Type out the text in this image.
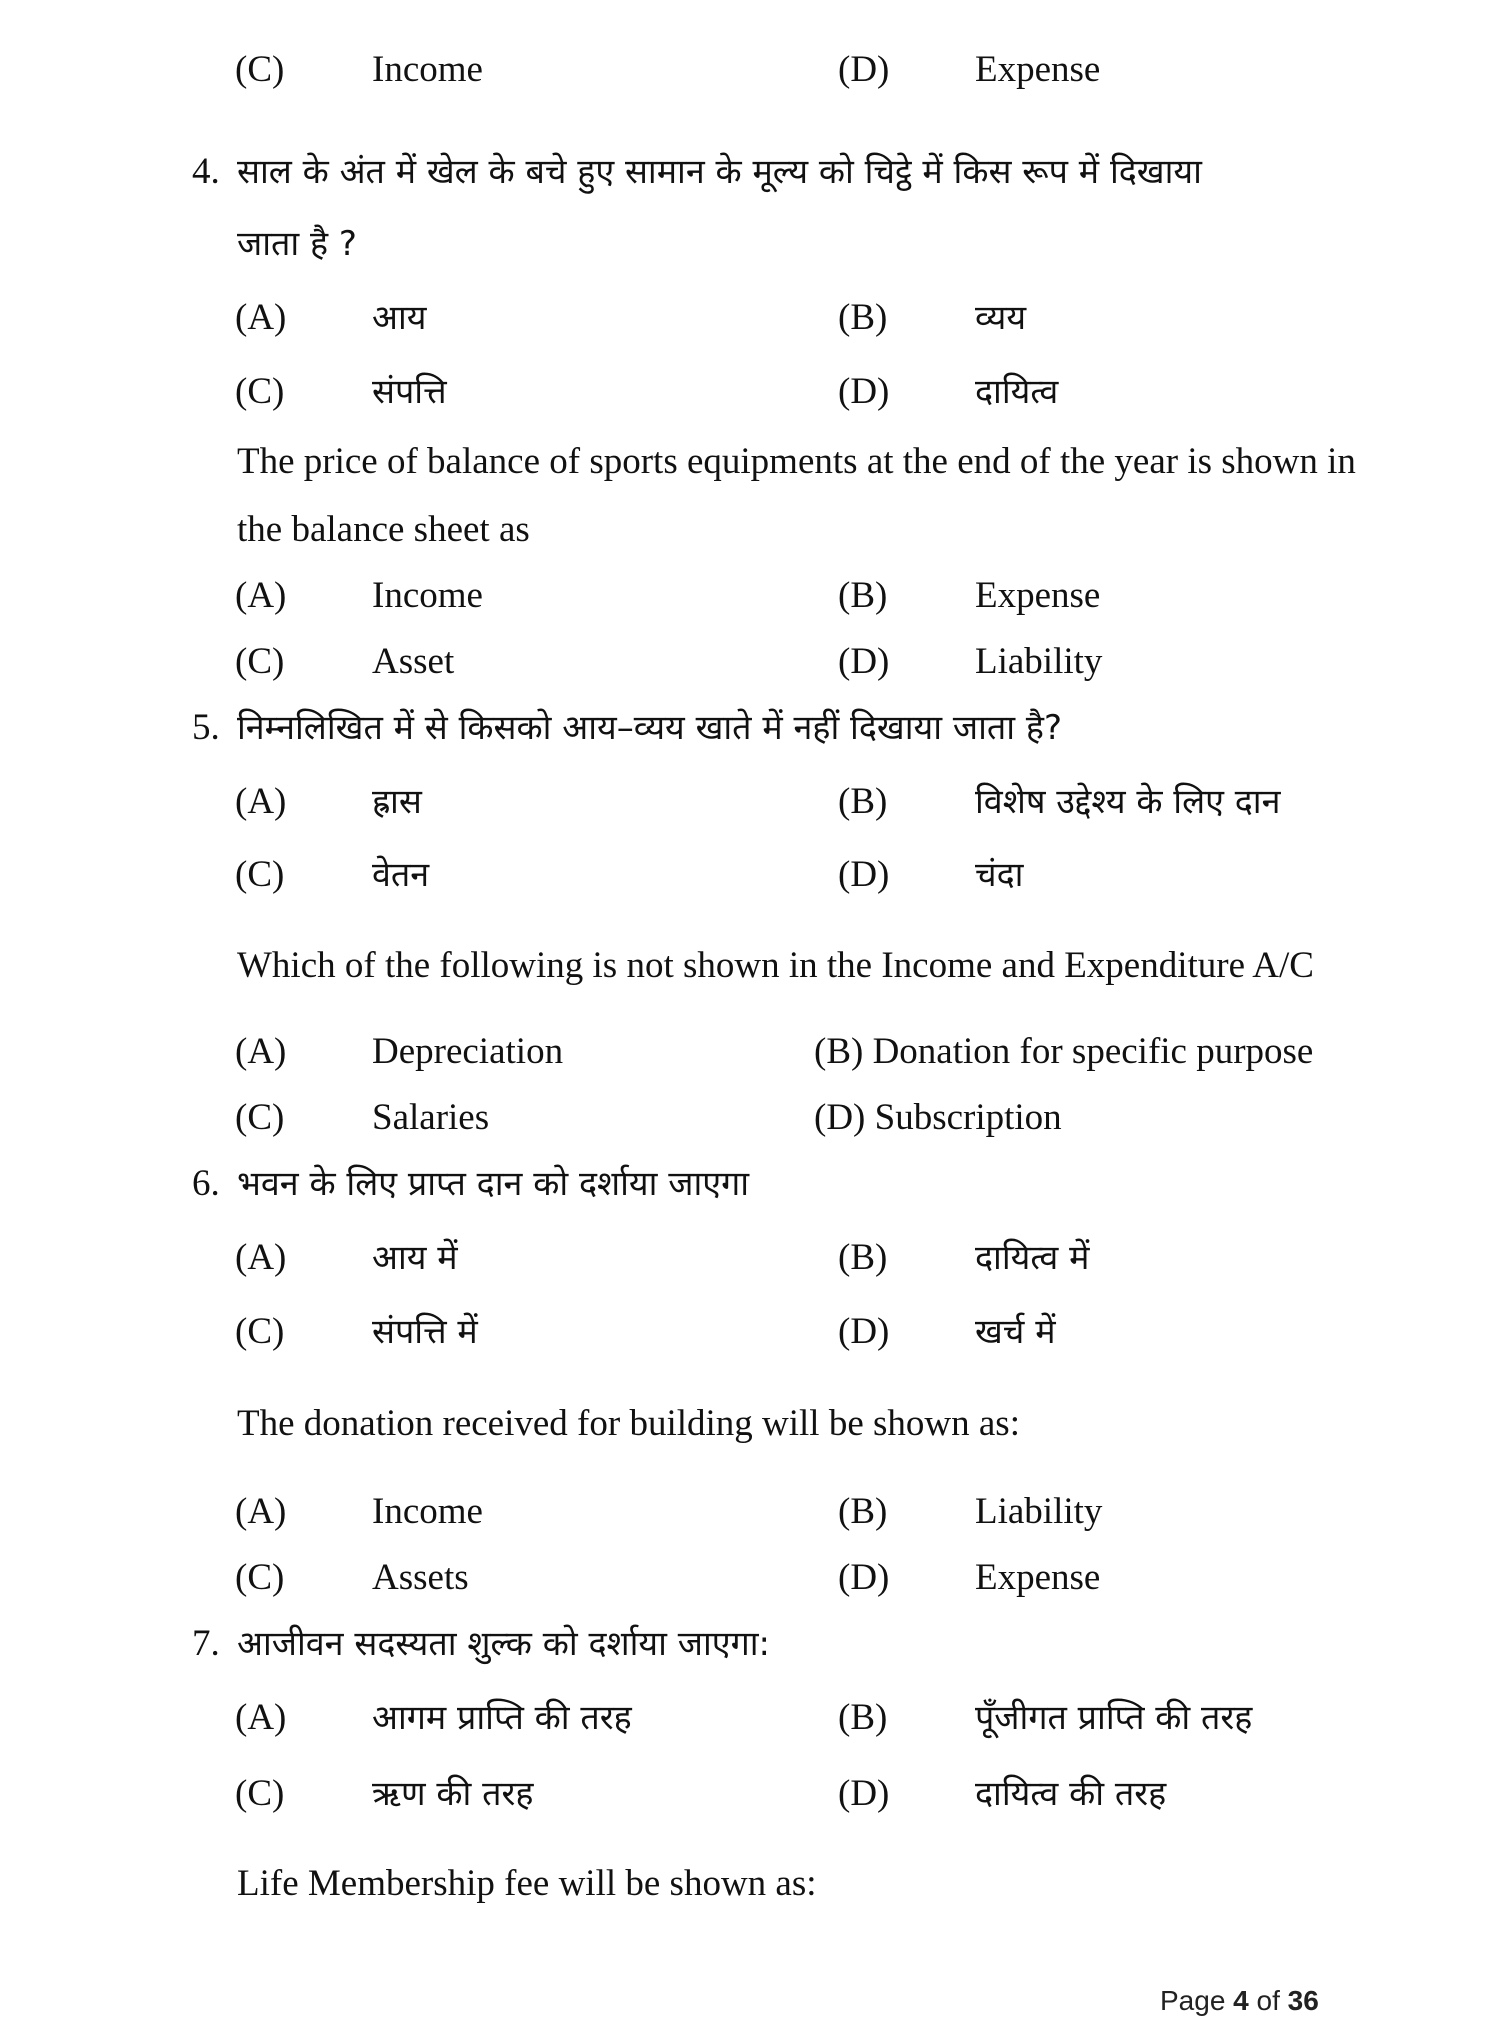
(C) Income	(D) Expense
4. साल के अंत में खेल के बचे हुए सामान के मूल्य को चिट्ठे में किस रूप में दिखाया
जाता है ?
(A)	आय	(B)	व्यय
(C)	संपत्ति	(D)	दायित्व
The price of balance of sports equipments at the end of the year is shown in
the balance sheet as
(A) Income	(B) Expense
(C) Asset	(D) Liability
5. निम्नलिखित में से किसको आय–व्यय खाते में नहीं दिखाया जाता है?
(A)	ह्रास	(B)	विशेष उद्देश्य के लिए दान
(C)	वेतन	(D)	चंदा
Which of the following is not shown in the Income and Expenditure A/C
(A) Depreciation	(B) Donation for specific purpose
(C) Salaries	(D) Subscription
6. भवन के लिए प्राप्त दान को दर्शाया जाएगा
(A)	आय में	(B)	दायित्व में
(C)	संपत्ति में	(D)	खर्च में
The donation received for building will be shown as:
(A) Income	(B) Liability
(C) Assets	(D) Expense
7. आजीवन सदस्यता शुल्क को दर्शाया जाएगा:
(A)	आगम प्राप्ति की तरह	(B)	पूँजीगत प्राप्ति की तरह
(C)	ऋण की तरह	(D)	दायित्व की तरह
Life Membership fee will be shown as:
Page 4 of 36
